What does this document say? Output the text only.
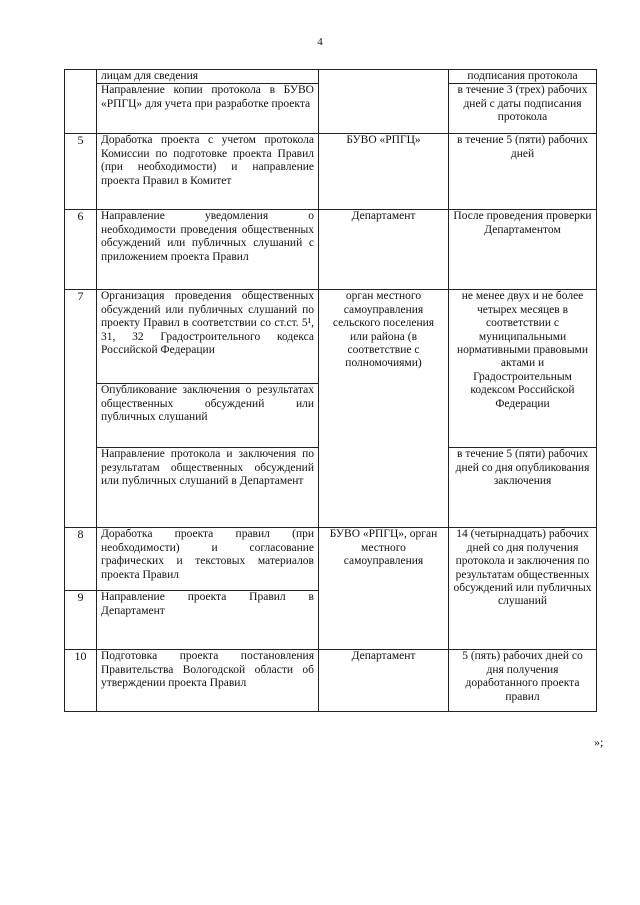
4
	лицам для сведения		подписания протокола
	Направление копии протокола в БУВО «РПГЦ» для учета при разработке проекта		в течение 3 (трех) рабочих дней с даты подписания протокола
5	Доработка проекта с учетом протокола Комиссии по подготовке проекта Правил (при необходимости) и направление проекта Правил в Комитет	БУВО «РПГЦ»	в течение 5 (пяти) рабочих дней
6	Направление уведомления о необходимости проведения общественных обсуждений или публичных слушаний с приложением проекта Правил	Департамент	После проведения проверки Департаментом
7	Организация проведения общественных обсуждений или публичных слушаний по проекту Правил в соответствии со ст.ст. 5¹, 31, 32 Градостроительного кодекса Российской Федерации	орган местного самоуправления сельского поселения или района (в соответствие с полномочиями)	не менее двух и не более четырех месяцев в соответствии с муниципальными нормативными правовыми актами и Градостроительным кодексом Российской Федерации
	Опубликование заключения о результатах общественных обсуждений или публичных слушаний		
	Направление протокола и заключения по результатам общественных обсуждений или публичных слушаний в Департамент		в течение 5 (пяти) рабочих дней со дня опубликования заключения
8	Доработка проекта правил (при необходимости) и согласование графических и текстовых материалов проекта Правил	БУВО «РПГЦ», орган местного самоуправления	14 (четырнадцать) рабочих дней со дня получения протокола и заключения по результатам общественных обсуждений или публичных слушаний
9	Направление проекта Правил в Департамент		
10	Подготовка проекта постановления Правительства Вологодской области об утверждении проекта Правил	Департамент	5 (пять) рабочих дней со дня получения доработанного проекта правил
»;
